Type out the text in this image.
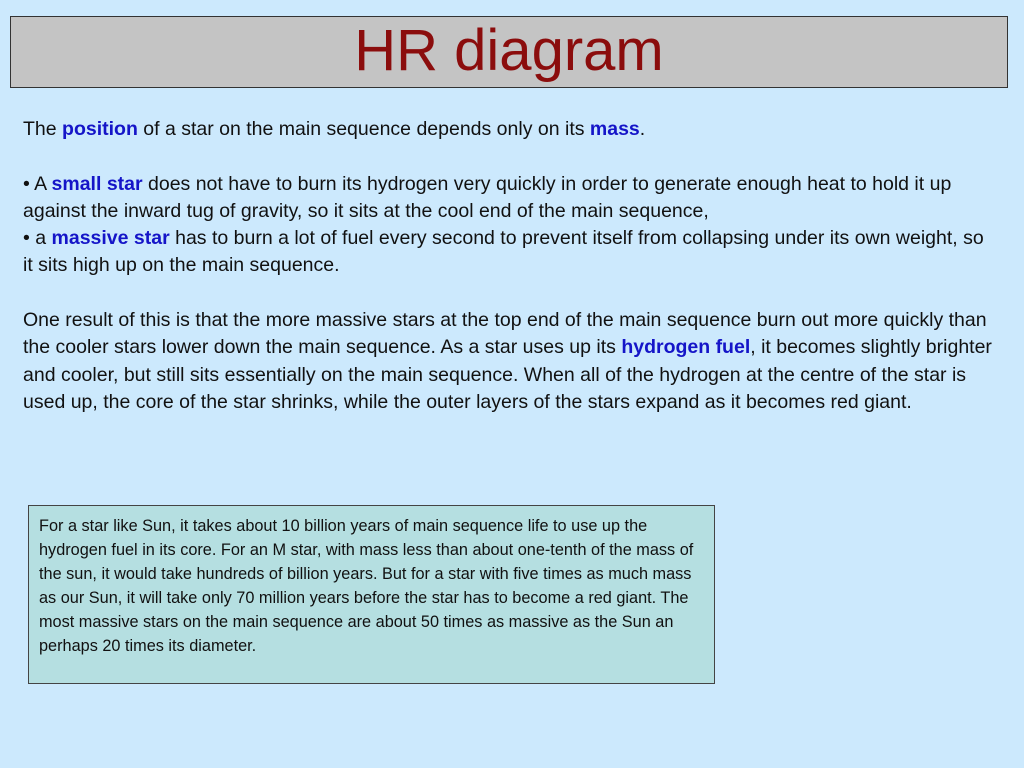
HR diagram

The position of a star on the main sequence depends only on its mass.

• A small star does not have to burn its hydrogen very quickly in order to generate enough heat to hold it up against the inward tug of gravity, so it sits at the cool end of the main sequence,

• a massive star has to burn a lot of fuel every second to prevent itself from collapsing under its own weight, so it sits high up on the main sequence.

One result of this is that the more massive stars at the top end of the main sequence burn out more quickly than the cooler stars lower down the main sequence. As a star uses up its hydrogen fuel, it becomes slightly brighter and cooler, but still sits essentially on the main sequence. When all of the hydrogen at the centre of the star is used up, the core of the star shrinks, while the outer layers of the stars expand as it becomes red giant.

For a star like Sun, it takes about 10 billion years of main sequence life to use up the hydrogen fuel in its core. For an M star, with mass less than about one-tenth of the mass of the sun, it would take hundreds of billion years. But for a star with five times as much mass as our Sun, it will take only 70 million years before the star has to become a red giant. The most massive stars on the main sequence are about 50 times as massive as the Sun an perhaps 20 times its diameter.
